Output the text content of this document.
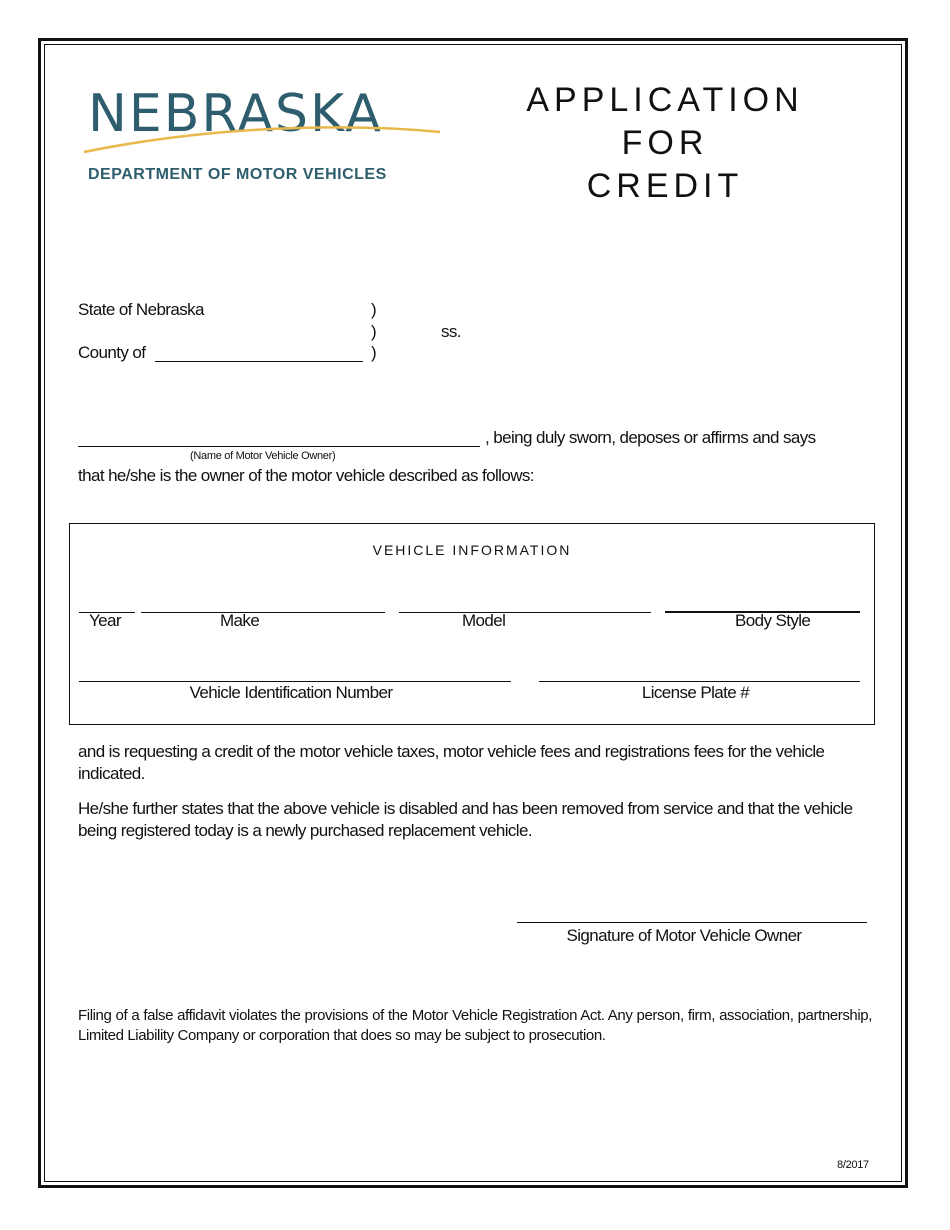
NEBRASKA
DEPARTMENT OF MOTOR VEHICLES
APPLICATION
FOR
CREDIT
State of Nebraska	)
)	ss.
County of	)
, being duly sworn, deposes or affirms and says
(Name of Motor Vehicle Owner)
that he/she is the owner of the motor vehicle described as follows:
VEHICLE INFORMATION
Year	Make	Model	Body Style
Vehicle Identification Number	License Plate #
and is requesting a credit of the motor vehicle taxes, motor vehicle fees and registrations fees for the vehicle indicated.
He/she further states that the above vehicle is disabled and has been removed from service and that the vehicle being registered today is a newly purchased replacement vehicle.
Signature of Motor Vehicle Owner
Filing of a false affidavit violates the provisions of the Motor Vehicle Registration Act. Any person, firm, association, partnership, Limited Liability Company or corporation that does so may be subject to prosecution.
8/2017
